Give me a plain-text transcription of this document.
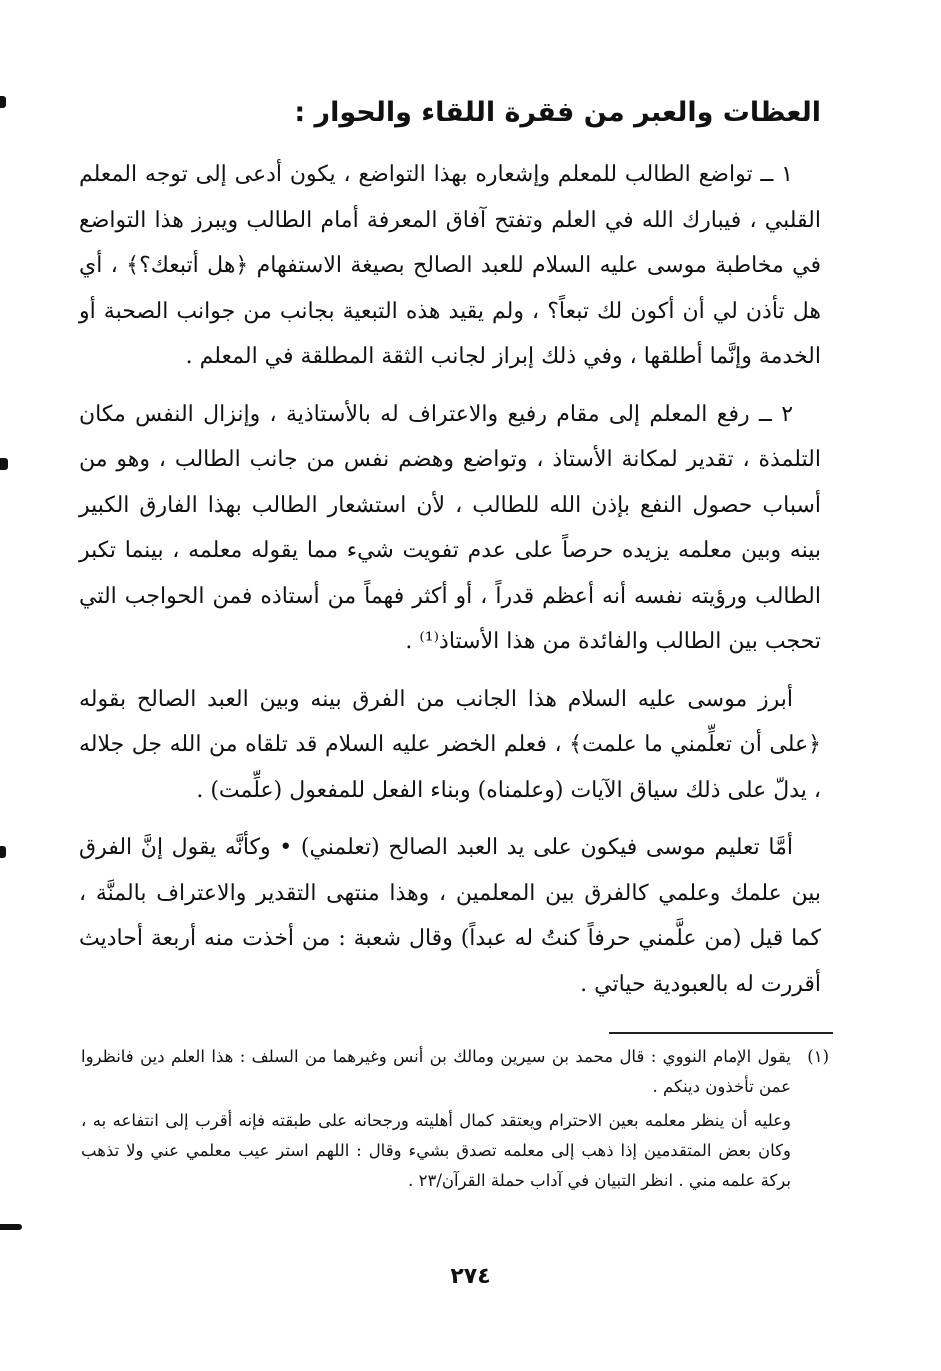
العظات والعبر من فقرة اللقاء والحوار :

١ ــ تواضع الطالب للمعلم وإشعاره بهذا التواضع ، يكون أدعى إلى توجه المعلم القلبي ، فيبارك الله في العلم وتفتح آفاق المعرفة أمام الطالب ويبرز هذا التواضع في مخاطبة موسى عليه السلام للعبد الصالح بصيغة الاستفهام ﴿هل أتبعك؟﴾ ، أي هل تأذن لي أن أكون لك تبعاً؟ ، ولم يقيد هذه التبعية بجانب من جوانب الصحبة أو الخدمة وإنَّما أطلقها ، وفي ذلك إبراز لجانب الثقة المطلقة في المعلم .

٢ ــ رفع المعلم إلى مقام رفيع والاعتراف له بالأستاذية ، وإنزال النفس مكان التلمذة ، تقدير لمكانة الأستاذ ، وتواضع وهضم نفس من جانب الطالب ، وهو من أسباب حصول النفع بإذن الله للطالب ، لأن استشعار الطالب بهذا الفارق الكبير بينه وبين معلمه يزيده حرصاً على عدم تفويت شيء مما يقوله معلمه ، بينما تكبر الطالب ورؤيته نفسه أنه أعظم قدراً ، أو أكثر فهماً من أستاذه فمن الحواجب التي تحجب بين الطالب والفائدة من هذا الأستاذ⁽¹⁾ .

أبرز موسى عليه السلام هذا الجانب من الفرق بينه وبين العبد الصالح بقوله ﴿على أن تعلِّمني ما علمت﴾ ، فعلم الخضر عليه السلام قد تلقاه من الله جل جلاله ، يدلّ على ذلك سياق الآيات (وعلمناه) وبناء الفعل للمفعول (علِّمت) .

أمَّا تعليم موسى فيكون على يد العبد الصالح (تعلمني) • وكأنَّه يقول إنَّ الفرق بين علمك وعلمي كالفرق بين المعلمين ، وهذا منتهى التقدير والاعتراف بالمنَّة ، كما قيل (من علَّمني حرفاً كنتُ له عبداً) وقال شعبة : من أخذت منه أربعة أحاديث أقررت له بالعبودية حياتي .

(١)
يقول الإمام النووي : قال محمد بن سيرين ومالك بن أنس وغيرهما من السلف : هذا العلم دين فانظروا عمن تأخذون دينكم .

وعليه أن ينظر معلمه بعين الاحترام ويعتقد كمال أهليته ورجحانه على طبقته فإنه أقرب إلى انتفاعه به ، وكان بعض المتقدمين إذا ذهب إلى معلمه تصدق بشيء وقال : اللهم استر عيب معلمي عني ولا تذهب بركة علمه مني . انظر التبيان في آداب حملة القرآن/٢٣ .

٢٧٤
